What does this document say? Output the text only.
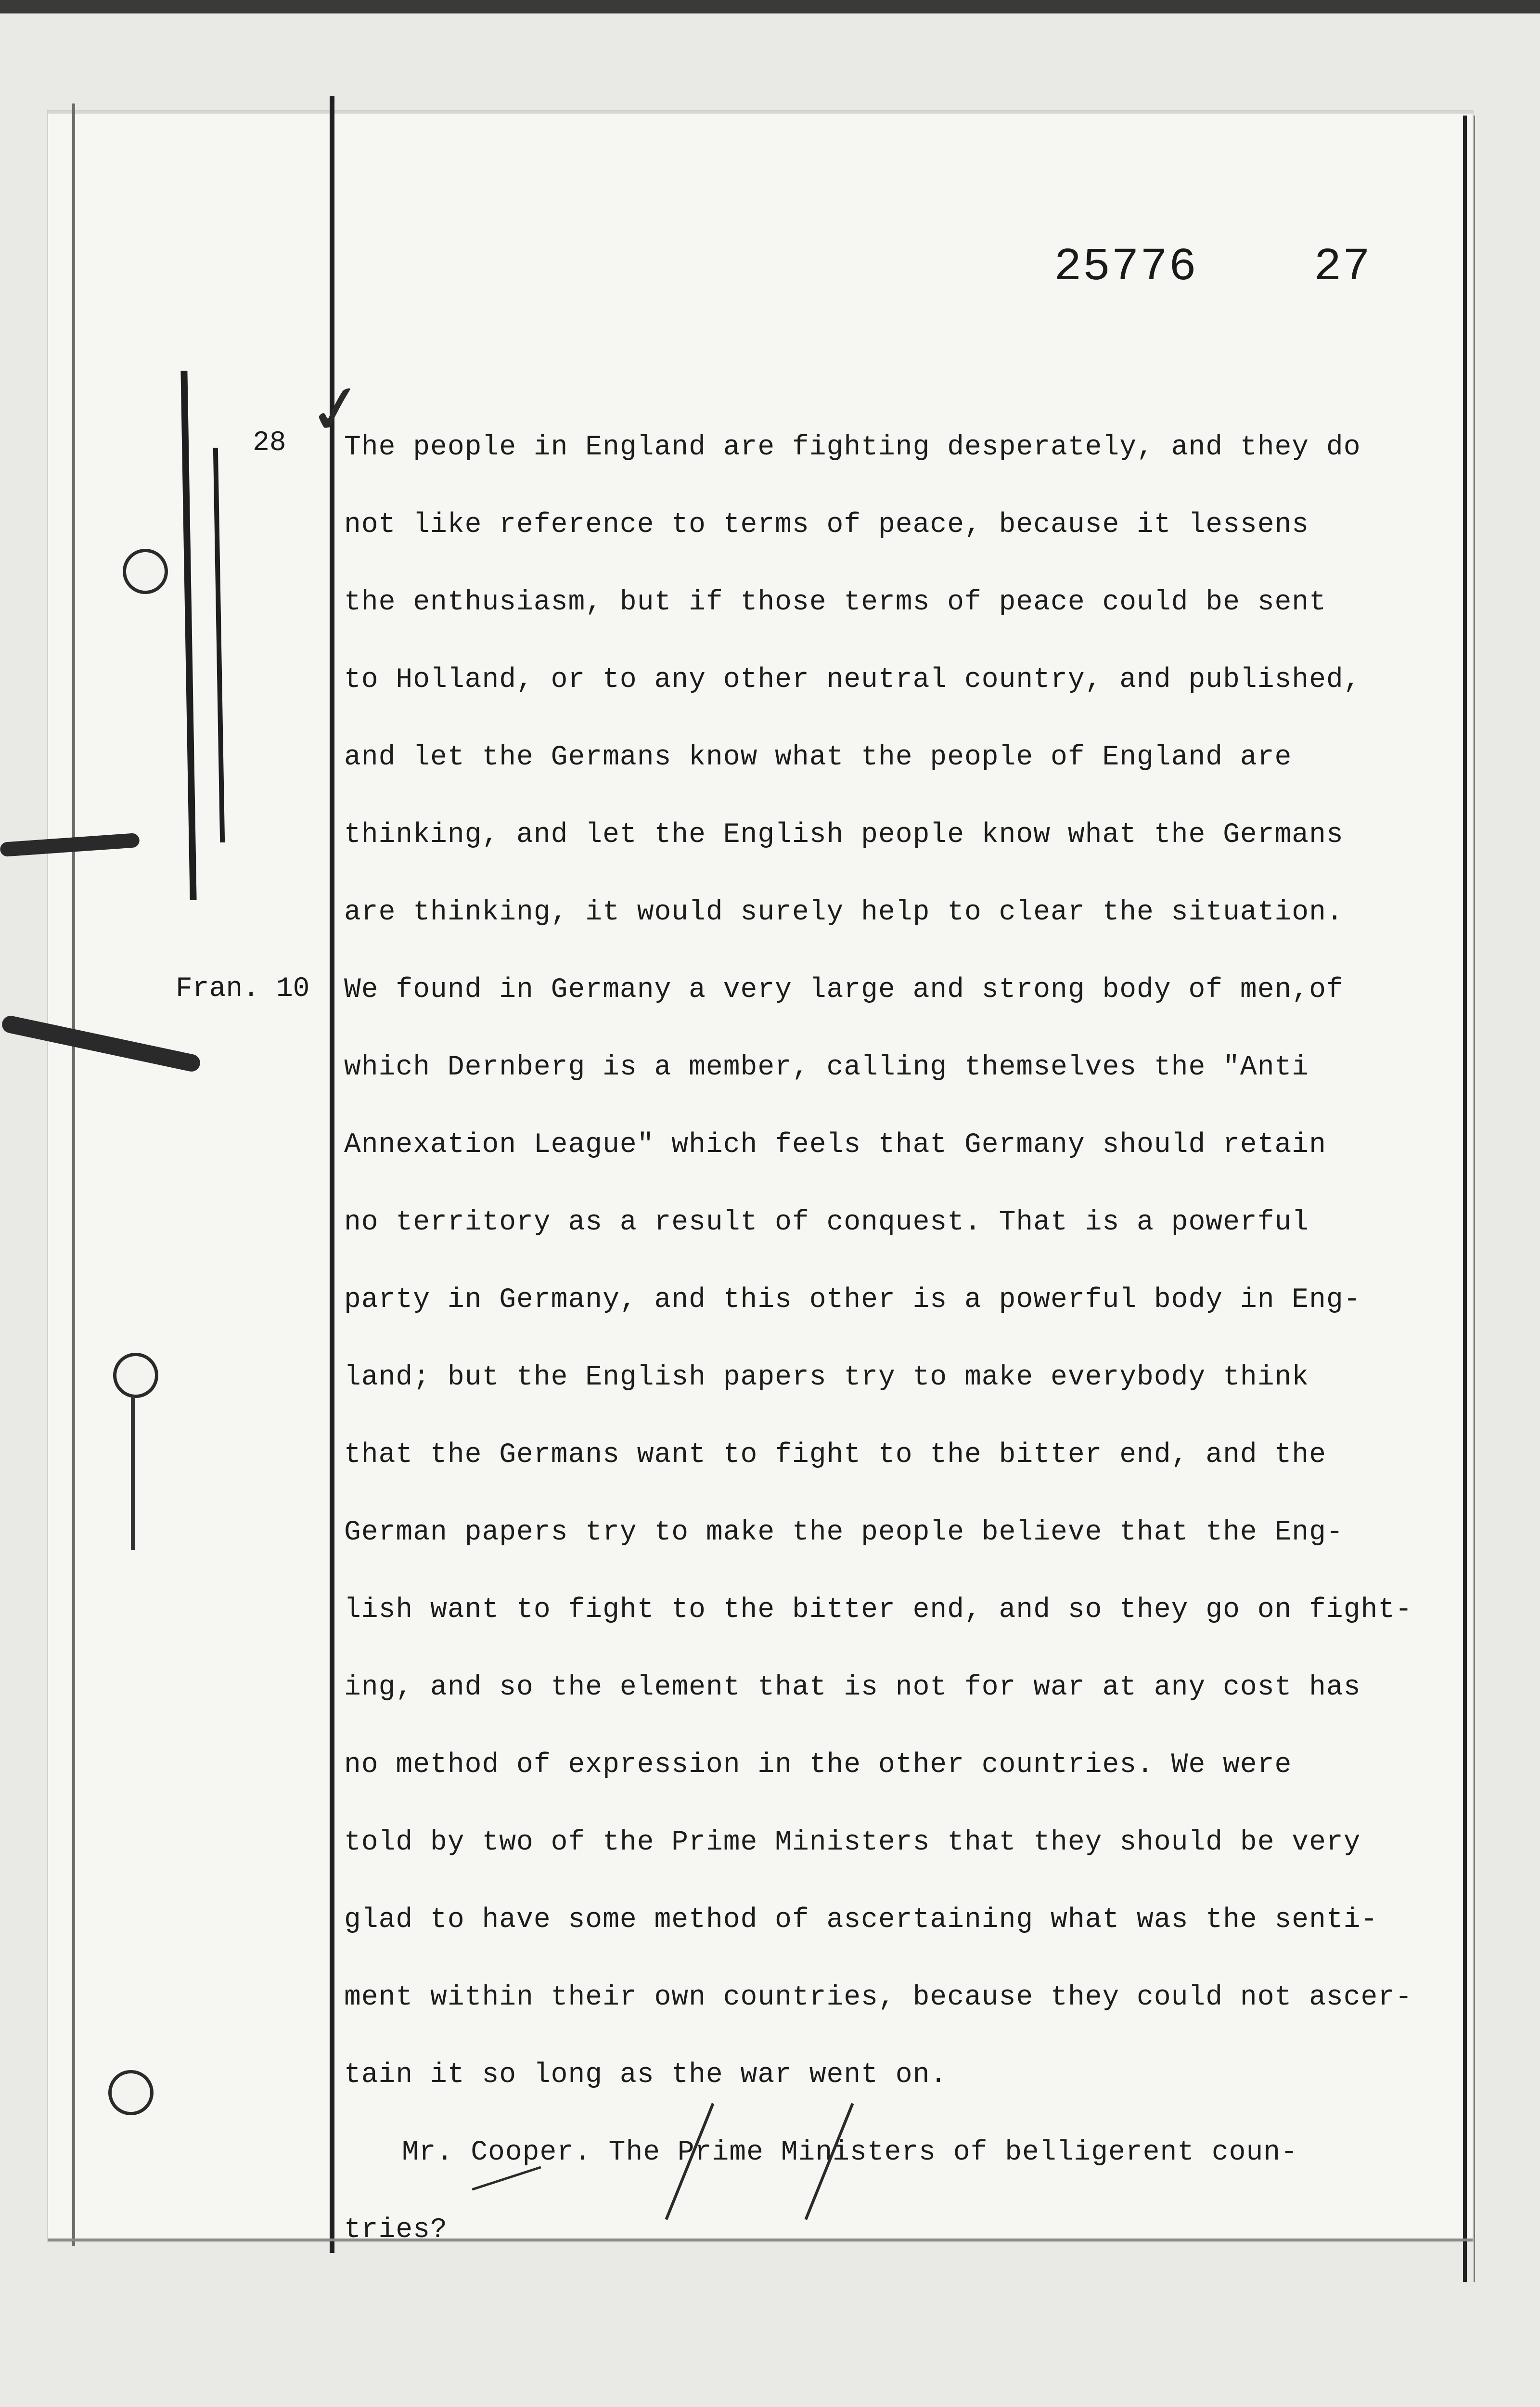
25776	27
28 ✓
Fran. 10
The people in England are fighting desperately, and they do
not like reference to terms of peace, because it lessens
the enthusiasm, but if those terms of peace could be sent
to Holland, or to any other neutral country, and published,
and let the Germans know what the people of England are
thinking, and let the English people know what the Germans
are thinking, it would surely help to clear the situation.
We found in Germany a very large and strong body of men,of
which Dernberg is a member, calling themselves the "Anti
Annexation League" which feels that Germany should retain
no territory as a result of conquest. That is a powerful
party in Germany, and this other is a powerful body in Eng-
land; but the English papers try to make everybody think
that the Germans want to fight to the bitter end, and the
German papers try to make the people believe that the Eng-
lish want to fight to the bitter end, and so they go on fight-
ing, and so the element that is not for war at any cost has
no method of expression in the other countries. We were
told by two of the Prime Ministers that they should be very
glad to have some method of ascertaining what was the senti-
ment within their own countries, because they could not ascer-
tain it so long as the war went on.
Mr. Cooper. The Prime Ministers of belligerent coun-
tries?
